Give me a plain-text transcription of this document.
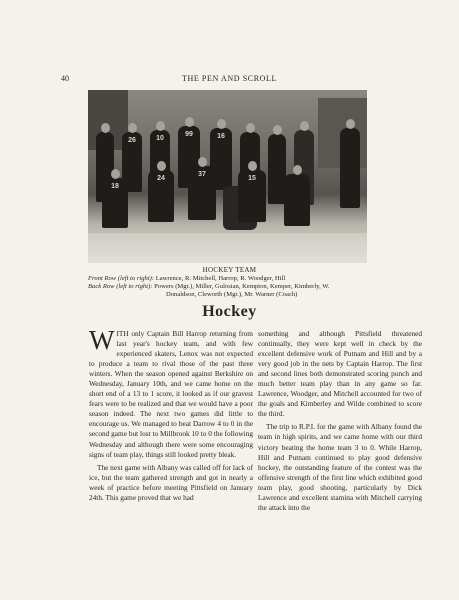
40	THE PEN AND SCROLL
26	10
99	16
18
24
37
15
HOCKEY TEAM
Front Row (left to right): Lawrence, R. Mitchell, Harrop, R. Woodger, Hill
Back Row (left to right): Powers (Mgr.), Miller, Gulosian, Kempton, Kemper, Kimberly, W.
Donaldson, Clewortb (Mgr.), Mr. Warner (Coach)
Hockey

WITH only Captain Bill Harrop returning from last year's hockey team, and with few experienced skaters, Lenox was not expected to produce a team to rival those of the past three winters. When the season opened against Berkshire on Wednesday, January 10th, and we came home on the short end of a 13 to 1 score, it looked as if our gravest fears were to be realized and that we would have a poor season indeed. The next two games did little to encourage us. We managed to beat Darrow 4 to 0 in the second game but lost to Millbrook 10 to 0 the following Wednesday and although there were some encouraging signs of team play, things still looked pretty bleak.

The next game with Albany was called off for lack of ice, but the team gathered strength and got in nearly a week of practice before meeting Pittsfield on January 24th. This game proved that we had

something and although Pittsfield threatened continually, they were kept well in check by the excellent defensive work of Putnam and Hill and by a very good job in the nets by Captain Harrop. The first and second lines both demonstrated scoring punch and much better team play than in any game so far. Lawrence, Woodger, and Mitchell accounted for two of the goals and Kimberley and Wilde combined to score the third.

The trip to R.P.I. for the game with Albany found the team in high spirits, and we came home with our third victory beating the home team 3 to 0. While Harrop, Hill and Putnam continued to play good defensive hockey, the outstanding feature of the contest was the offensive strength of the first line which exhibited good team play, good shooting, particularly by Dick Lawrence and excellent stamina with Mitchell carrying the attack into the
